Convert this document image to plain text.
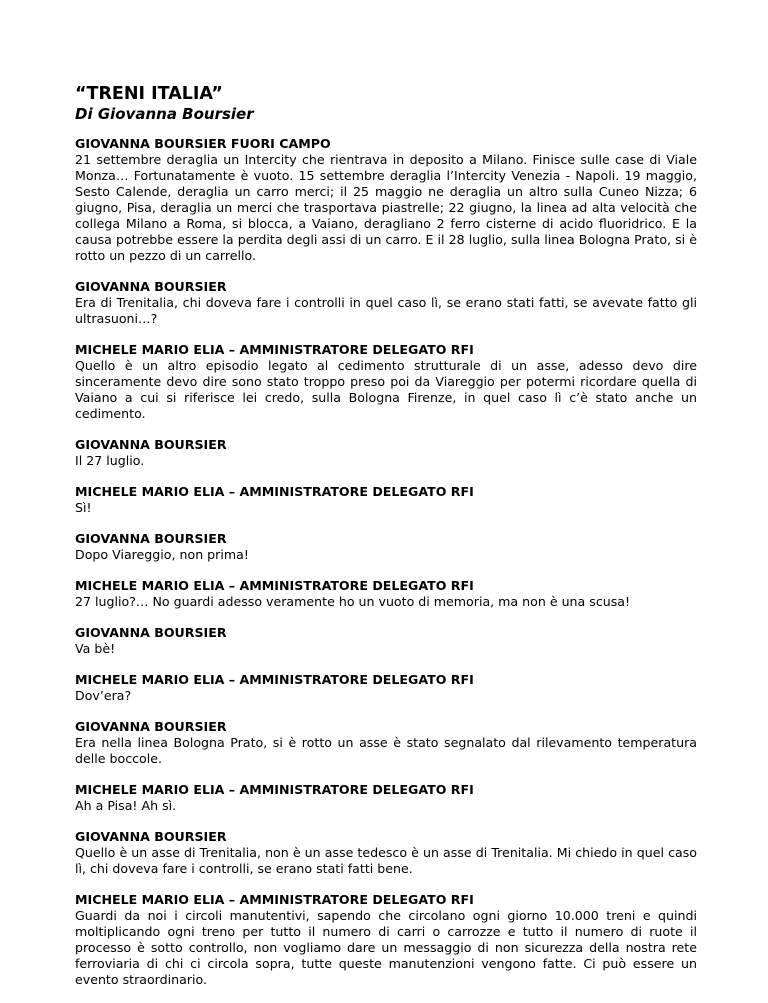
“TRENI ITALIA”
Di Giovanna Boursier

GIOVANNA BOURSIER FUORI CAMPO

21 settembre deraglia un Intercity che rientrava in deposito a Milano. Finisce sulle case di Viale Monza… Fortunatamente è vuoto. 15 settembre deraglia l’Intercity Venezia - Napoli. 19 maggio, Sesto Calende, deraglia un carro merci; il 25 maggio ne deraglia un altro sulla Cuneo Nizza; 6 giugno, Pisa, deraglia un merci che trasportava piastrelle; 22 giugno, la linea ad alta velocità che collega Milano a Roma, si blocca, a Vaiano, deragliano 2 ferro cisterne di acido fluoridrico. E la causa potrebbe essere la perdita degli assi di un carro. E il 28 luglio, sulla linea Bologna Prato, si è rotto un pezzo di un carrello.

GIOVANNA BOURSIER

Era di Trenitalia, chi doveva fare i controlli in quel caso lì, se erano stati fatti, se avevate fatto gli ultrasuoni…?

MICHELE MARIO ELIA – AMMINISTRATORE DELEGATO RFI

Quello è un altro episodio legato al cedimento strutturale di un asse, adesso devo dire sinceramente devo dire sono stato troppo preso poi da Viareggio per potermi ricordare quella di Vaiano a cui si riferisce lei credo, sulla Bologna Firenze, in quel caso lì c’è stato anche un cedimento.

GIOVANNA BOURSIER

Il 27 luglio.

MICHELE MARIO ELIA – AMMINISTRATORE DELEGATO RFI

Sì!

GIOVANNA BOURSIER

Dopo Viareggio, non prima!

MICHELE MARIO ELIA – AMMINISTRATORE DELEGATO RFI

27 luglio?… No guardi adesso veramente ho un vuoto di memoria, ma non è una scusa!

GIOVANNA BOURSIER

Va bè!

MICHELE MARIO ELIA – AMMINISTRATORE DELEGATO RFI

Dov’era?

GIOVANNA BOURSIER

Era nella linea Bologna Prato, si è rotto un asse è stato segnalato dal rilevamento temperatura delle boccole.

MICHELE MARIO ELIA – AMMINISTRATORE DELEGATO RFI

Ah a Pisa! Ah sì.

GIOVANNA BOURSIER

Quello è un asse di Trenitalia, non è un asse tedesco è un asse di Trenitalia. Mi chiedo in quel caso lì, chi doveva fare i controlli, se erano stati fatti bene.

MICHELE MARIO ELIA – AMMINISTRATORE DELEGATO RFI

Guardi da noi i circoli manutentivi, sapendo che circolano ogni giorno 10.000 treni e quindi moltiplicando ogni treno per tutto il numero di carri o carrozze e tutto il numero di ruote il processo è sotto controllo, non vogliamo dare un messaggio di non sicurezza della nostra rete ferroviaria di chi ci circola sopra, tutte queste manutenzioni vengono fatte. Ci può essere un evento straordinario.
